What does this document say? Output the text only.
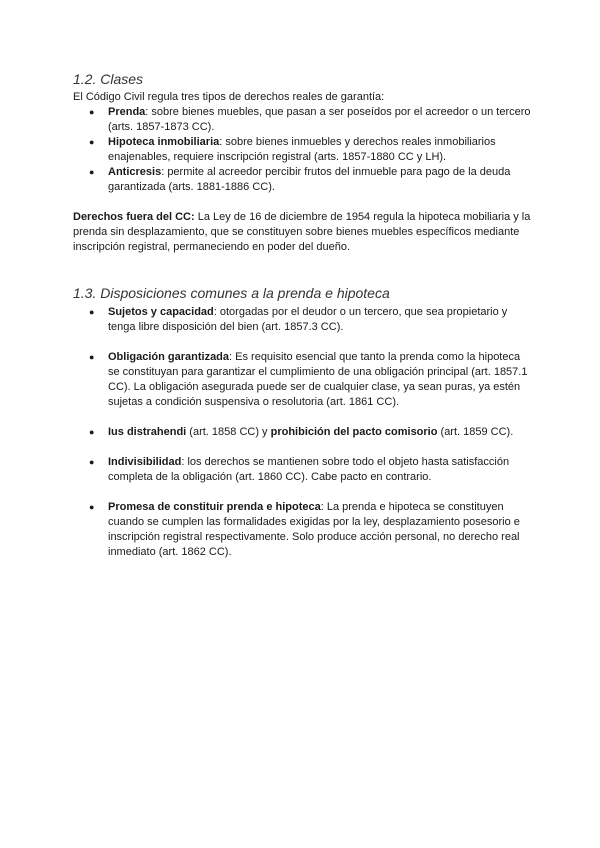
1.2. Clases

El Código Civil regula tres tipos de derechos reales de garantía:

● Prenda: sobre bienes muebles, que pasan a ser poseídos por el acreedor o un tercero (arts. 1857-1873 CC).
● Hipoteca inmobiliaria: sobre bienes inmuebles y derechos reales inmobiliarios enajenables, requiere inscripción registral (arts. 1857-1880 CC y LH).
● Anticresis: permite al acreedor percibir frutos del inmueble para pago de la deuda garantizada (arts. 1881-1886 CC).

Derechos fuera del CC: La Ley de 16 de diciembre de 1954 regula la hipoteca mobiliaria y la prenda sin desplazamiento, que se constituyen sobre bienes muebles específicos mediante inscripción registral, permaneciendo en poder del dueño.

1.3. Disposiciones comunes a la prenda e hipoteca
● Sujetos y capacidad: otorgadas por el deudor o un tercero, que sea propietario y tenga libre disposición del bien (art. 1857.3 CC).
● Obligación garantizada: Es requisito esencial que tanto la prenda como la hipoteca se constituyan para garantizar el cumplimiento de una obligación principal (art. 1857.1 CC). La obligación asegurada puede ser de cualquier clase, ya sean puras, ya estén sujetas a condición suspensiva o resolutoria (art. 1861 CC).
● Ius distrahendi (art. 1858 CC) y prohibición del pacto comisorio (art. 1859 CC).
● Indivisibilidad: los derechos se mantienen sobre todo el objeto hasta satisfacción completa de la obligación (art. 1860 CC). Cabe pacto en contrario.
● Promesa de constituir prenda e hipoteca: La prenda e hipoteca se constituyen cuando se cumplen las formalidades exigidas por la ley, desplazamiento posesorio e inscripción registral respectivamente. Solo produce acción personal, no derecho real inmediato (art. 1862 CC).
